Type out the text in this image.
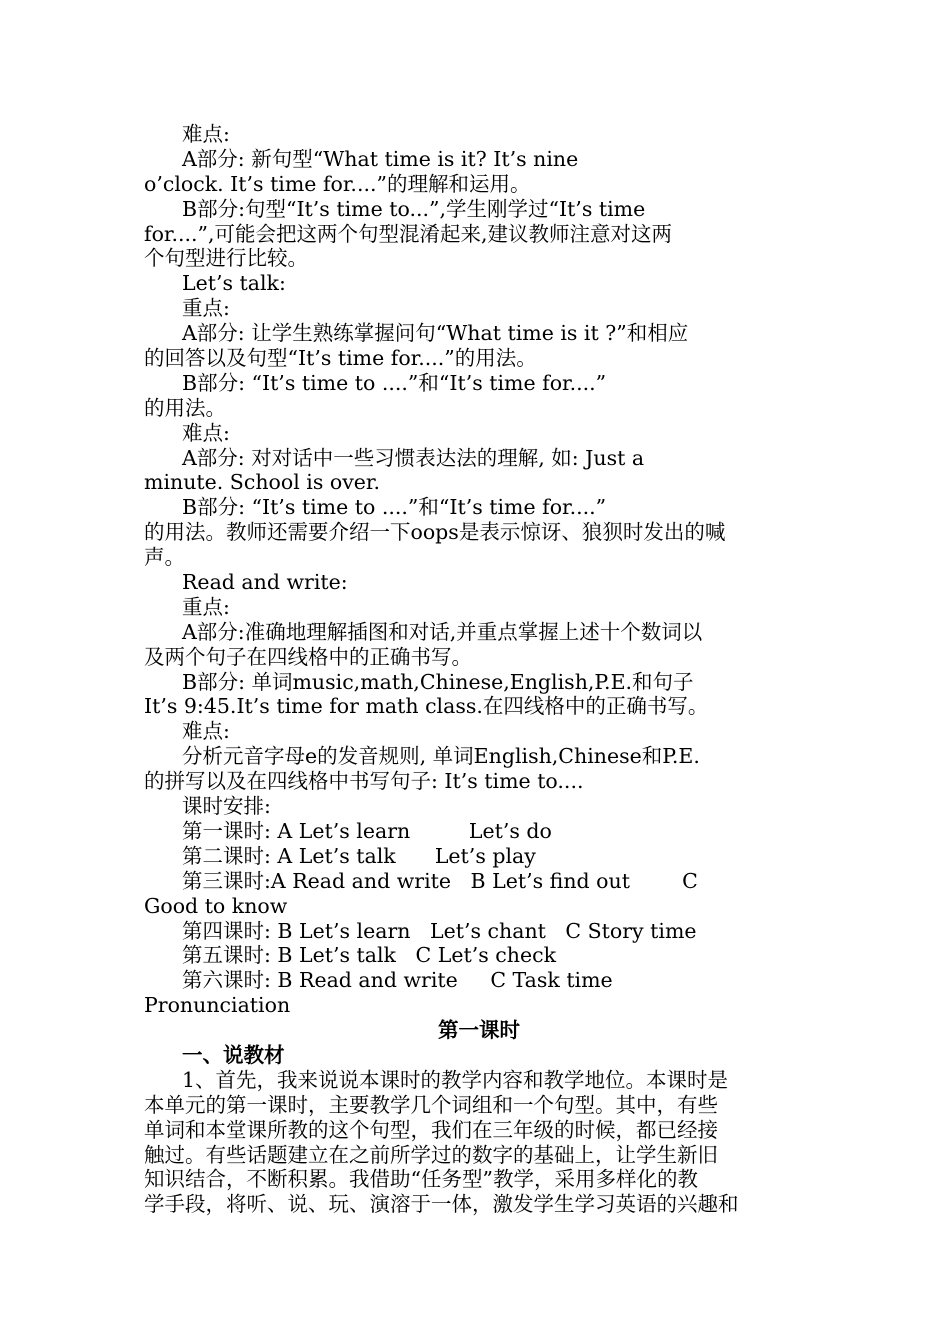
难点:
A部分: 新句型“What time is it? It’s nine
o’clock. It’s time for....”的理解和运用。
B部分:句型“It’s time to...”,学生刚学过“It’s time
for....”,可能会把这两个句型混淆起来,建议教师注意对这两
个句型进行比较。
Let’s talk:
重点:
A部分: 让学生熟练掌握问句“What time is it ?”和相应
的回答以及句型“It’s time for....”的用法。
B部分: “It’s time to ....”和“It’s time for....”
的用法。
难点:
A部分: 对对话中一些习惯表达法的理解, 如: Just a
minute. School is over.
B部分: “It’s time to ....”和“It’s time for....”
的用法。教师还需要介绍一下oops是表示惊讶、狼狈时发出的喊
声。
Read and write:
重点:
A部分:准确地理解插图和对话,并重点掌握上述十个数词以
及两个句子在四线格中的正确书写。
B部分: 单词music,math,Chinese,English,P.E.和句子
It’s 9:45.It’s time for math class.在四线格中的正确书写。
难点:
分析元音字母e的发音规则, 单词English,Chinese和P.E.
的拼写以及在四线格中书写句子: It’s time to....
课时安排:
第一课时: A Let’s learn         Let’s do
第二课时: A Let’s talk      Let’s play
第三课时:A Read and write   B Let’s find out        C
Good to know
第四课时: B Let’s learn   Let’s chant   C Story time
第五课时: B Let’s talk   C Let’s check
第六课时: B Read and write     C Task time
Pronunciation
第一课时
一、说教材
1、首先，我来说说本课时的教学内容和教学地位。本课时是
本单元的第一课时，主要教学几个词组和一个句型。其中，有些
单词和本堂课所教的这个句型，我们在三年级的时候，都已经接
触过。有些话题建立在之前所学过的数字的基础上，让学生新旧
知识结合，不断积累。我借助“任务型”教学，采用多样化的教
学手段，将听、说、玩、演溶于一体，激发学生学习英语的兴趣和
